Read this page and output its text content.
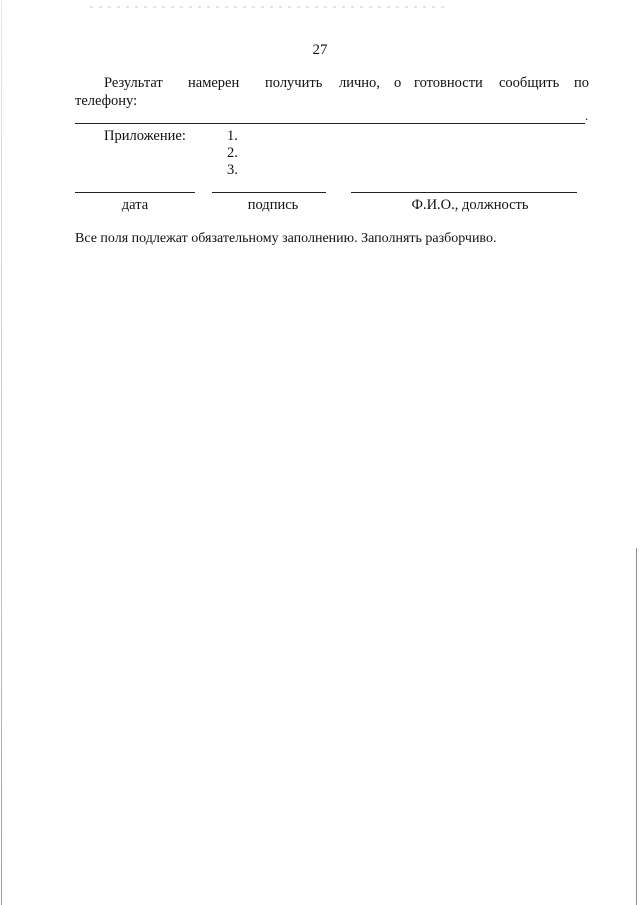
27
Результат намерен получить лично, о готовности сообщить по
телефону:
.
Приложение:	1.
2.
3.
дата	подпись	Ф.И.О., должность
Все поля подлежат обязательному заполнению. Заполнять разборчиво.
